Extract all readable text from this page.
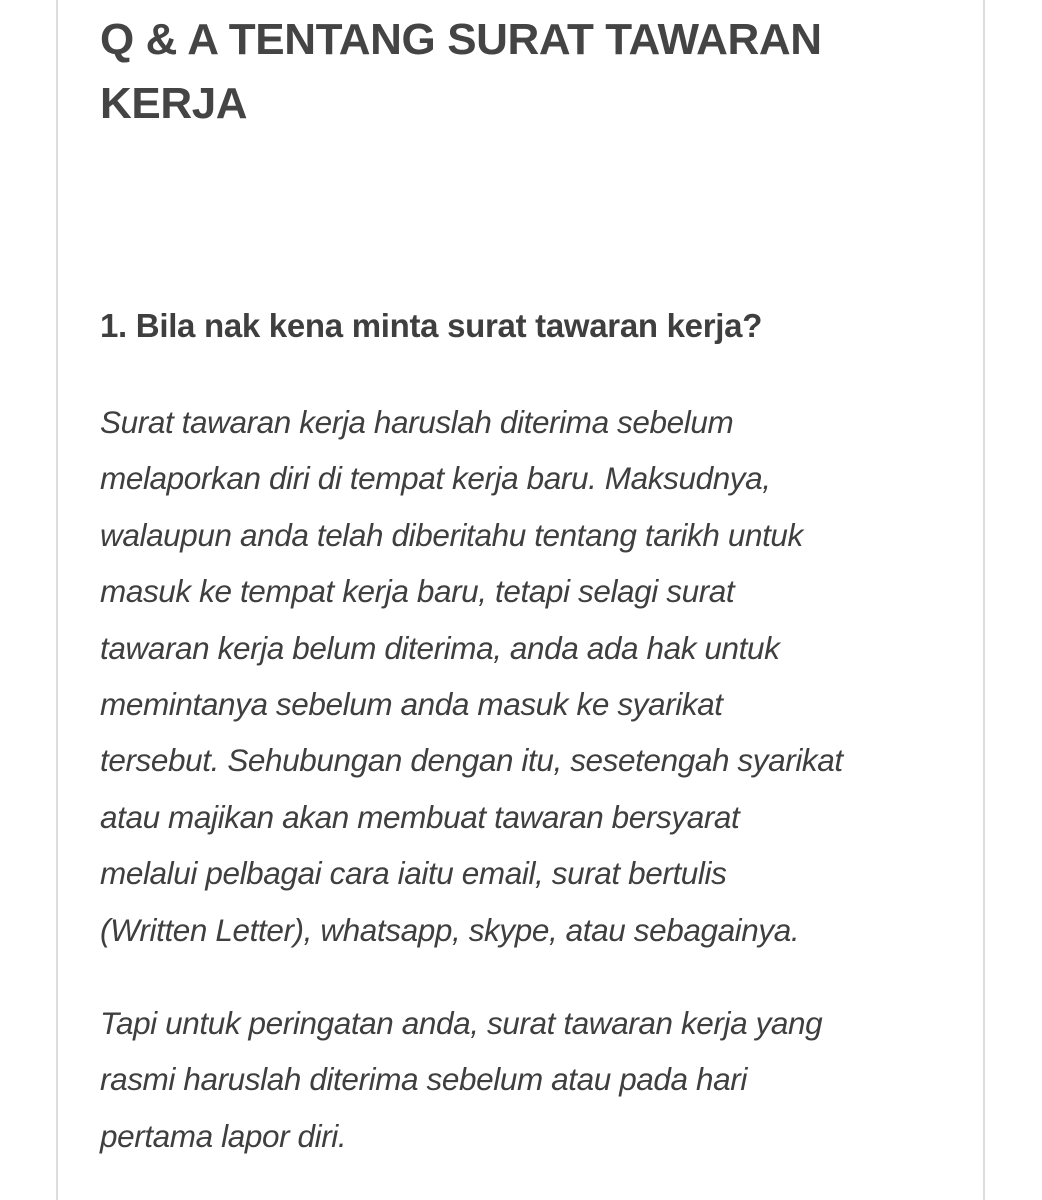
Q & A TENTANG SURAT TAWARAN
KERJA
1. Bila nak kena minta surat tawaran kerja?

Surat tawaran kerja haruslah diterima sebelum
melaporkan diri di tempat kerja baru. Maksudnya,
walaupun anda telah diberitahu tentang tarikh untuk
masuk ke tempat kerja baru, tetapi selagi surat
tawaran kerja belum diterima, anda ada hak untuk
memintanya sebelum anda masuk ke syarikat
tersebut. Sehubungan dengan itu, sesetengah syarikat
atau majikan akan membuat tawaran bersyarat
melalui pelbagai cara iaitu email, surat bertulis
(Written Letter), whatsapp, skype, atau sebagainya.

Tapi untuk peringatan anda, surat tawaran kerja yang
rasmi haruslah diterima sebelum atau pada hari
pertama lapor diri.
